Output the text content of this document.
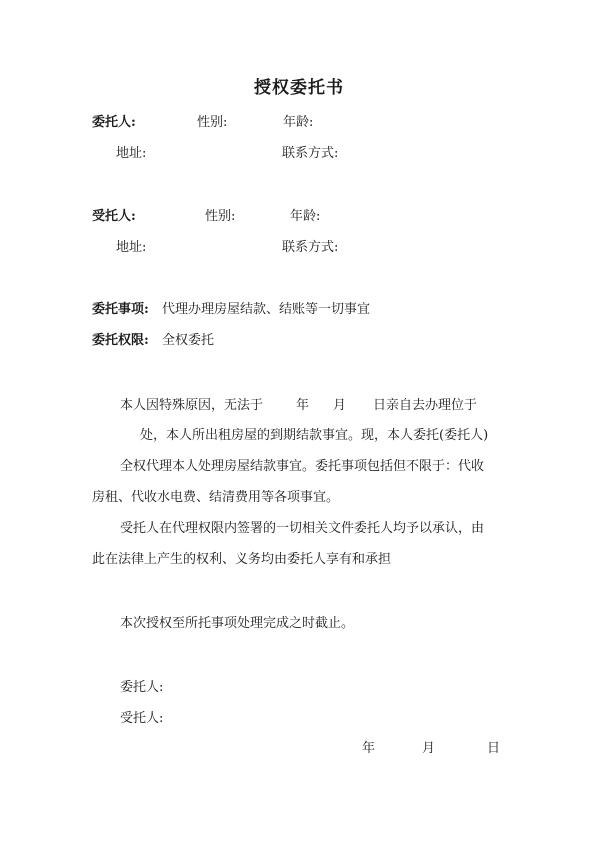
授权委托书
委托人:	性别:	年龄:
地址:	联系方式:
受托人:	性别:	年龄:
地址:	联系方式:
委托事项: 代理办理房屋结款、结账等一切事宜
委托权限: 全权委托
本人因特殊原因，无法于	年 月 日亲自去办理位于
处，本人所出租房屋的到期结款事宜。现，本人委托(委托人)
全权代理本人处理房屋结款事宜。委托事项包括但不限于：代收
房租、代收水电费、结清费用等各项事宜。
受托人在代理权限内签署的一切相关文件委托人均予以承认，由
此在法律上产生的权利、义务均由委托人享有和承担
本次授权至所托事项处理完成之时截止。
委托人:
受托人:
年	月	日
